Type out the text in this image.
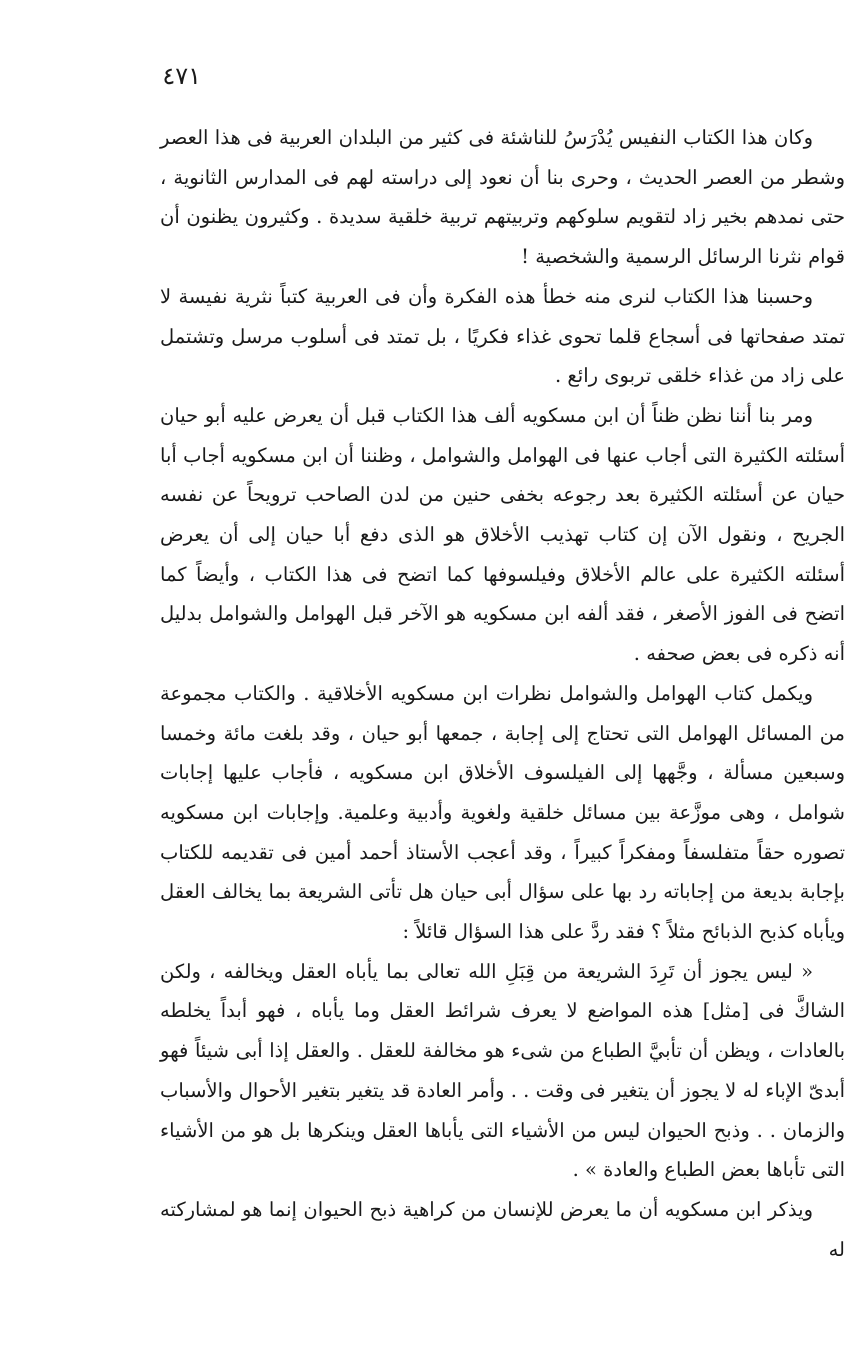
٤٧١

وكان هذا الكتاب النفيس يُدْرَسُ للناشئة فى كثير من البلدان العربية فى هذا العصر وشطر من العصر الحديث ، وحرى بنا أن نعود إلى دراسته لهم فى المدارس الثانوية ، حتى نمدهم بخير زاد لتقويم سلوكهم وتربيتهم تربية خلقية سديدة . وكثيرون يظنون أن قوام نثرنا الرسائل الرسمية والشخصية !

وحسبنا هذا الكتاب لنرى منه خطأ هذه الفكرة وأن فى العربية كتباً نثرية نفيسة لا تمتد صفحاتها فى أسجاع قلما تحوى غذاء فكريًا ، بل تمتد فى أسلوب مرسل وتشتمل على زاد من غذاء خلقى تربوى رائع .

ومر بنا أننا نظن ظناً أن ابن مسكويه ألف هذا الكتاب قبل أن يعرض عليه أبو حيان أسئلته الكثيرة التى أجاب عنها فى الهوامل والشوامل ، وظننا أن ابن مسكويه أجاب أبا حيان عن أسئلته الكثيرة بعد رجوعه بخفى حنين من لدن الصاحب ترويحاً عن نفسه الجريح ، ونقول الآن إن كتاب تهذيب الأخلاق هو الذى دفع أبا حيان إلى أن يعرض أسئلته الكثيرة على عالم الأخلاق وفيلسوفها كما اتضح فى هذا الكتاب ، وأيضاً كما اتضح فى الفوز الأصغر ، فقد ألفه ابن مسكويه هو الآخر قبل الهوامل والشوامل بدليل أنه ذكره فى بعض صحفه .

ويكمل كتاب الهوامل والشوامل نظرات ابن مسكويه الأخلاقية . والكتاب مجموعة من المسائل الهوامل التى تحتاج إلى إجابة ، جمعها أبو حيان ، وقد بلغت مائة وخمسا وسبعين مسألة ، وجَّهها إلى الفيلسوف الأخلاق ابن مسكويه ، فأجاب عليها إجابات شوامل ، وهى موزَّعة بين مسائل خلقية ولغوية وأدبية وعلمية. وإجابات ابن مسكويه تصوره حقاً متفلسفاً ومفكراً كبيراً ، وقد أعجب الأستاذ أحمد أمين فى تقديمه للكتاب بإجابة بديعة من إجاباته رد بها على سؤال أبى حيان هل تأتى الشريعة بما يخالف العقل ويأباه كذبح الذبائح مثلاً ؟ فقد ردَّ على هذا السؤال قائلاً :

« ليس يجوز أن تَرِدَ الشريعة من قِبَلِ الله تعالى بما يأباه العقل ويخالفه ، ولكن الشاكَّ فى [مثل] هذه المواضع لا يعرف شرائط العقل وما يأباه ، فهو أبداً يخلطه بالعادات ، ويظن أن تأبيَّ الطباع من شىء هو مخالفة للعقل . والعقل إذا أبى شيئاً فهو أبدىّ الإباء له لا يجوز أن يتغير فى وقت . . وأمر العادة قد يتغير بتغير الأحوال والأسباب والزمان . . وذبح الحيوان ليس من الأشياء التى يأباها العقل وينكرها بل هو من الأشياء التى تأباها بعض الطباع والعادة » .

ويذكر ابن مسكويه أن ما يعرض للإنسان من كراهية ذبح الحيوان إنما هو لمشاركته له
